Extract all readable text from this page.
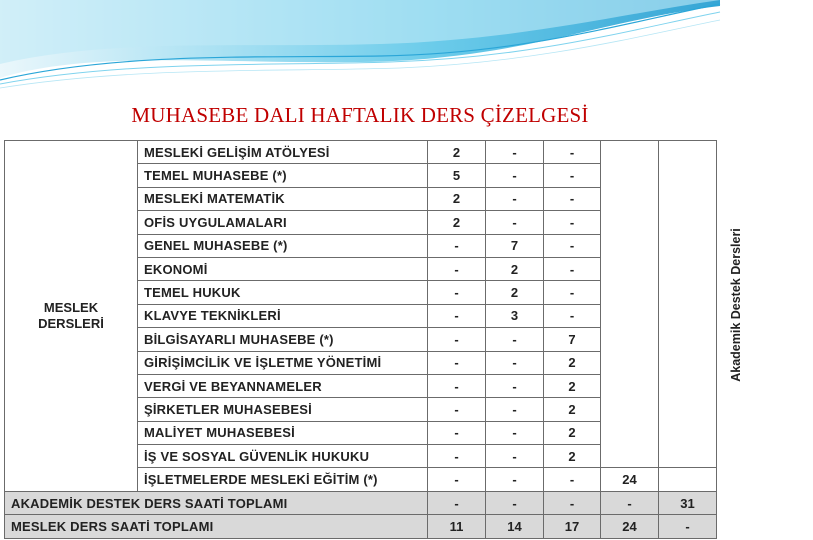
MUHASEBE DALI HAFTALIK DERS ÇİZELGESİ
MESLEK
DERSLERİ	MESLEKİ GELİŞİM ATÖLYESİ	2	-	-		Akademik Destek Dersleri
	TEMEL MUHASEBE (*)	5	-	-		
	MESLEKİ MATEMATİK	2	-	-		
	OFİS UYGULAMALARI	2	-	-		
	GENEL MUHASEBE (*)	-	7	-		
	EKONOMİ	-	2	-		
	TEMEL HUKUK	-	2	-		
	KLAVYE TEKNİKLERİ	-	3	-		
	BİLGİSAYARLI MUHASEBE (*)	-	-	7		
	GİRİŞİMCİLİK VE İŞLETME YÖNETİMİ	-	-	2		
	VERGİ VE BEYANNAMELER	-	-	2		
	ŞİRKETLER MUHASEBESİ	-	-	2		
	MALİYET MUHASEBESİ	-	-	2		
	İŞ VE SOSYAL GÜVENLİK HUKUKU	-	-	2		
	İŞLETMELERDE MESLEKİ EĞİTİM (*)	-	-	-	24	
AKADEMİK DESTEK DERS SAATİ TOPLAMI		-	-	-	-	31
MESLEK DERS SAATİ TOPLAMI		11	14	17	24	-
